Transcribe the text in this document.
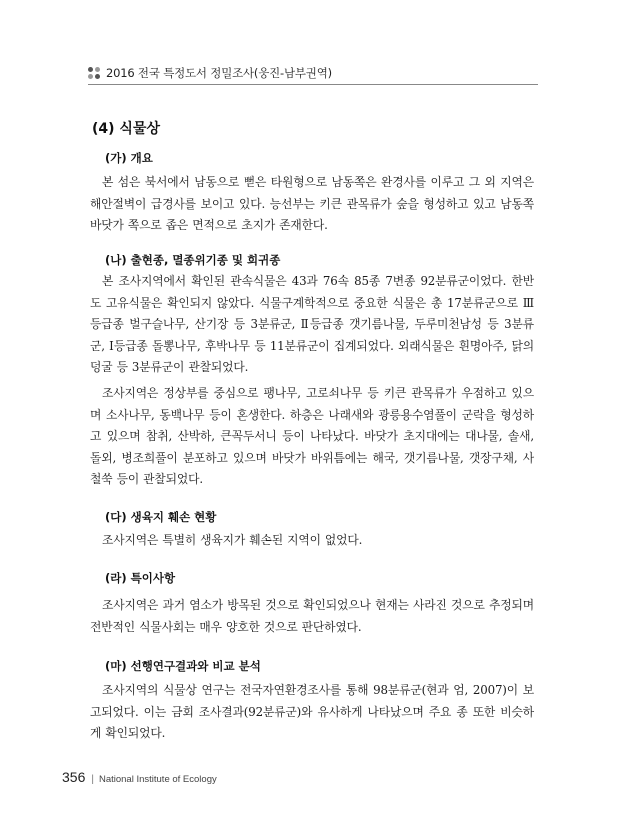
2016 전국 특정도서 정밀조사(웅진-남부권역)
(4) 식물상
(가) 개요

본 섬은 북서에서 남동으로 뻗은 타원형으로 남동쪽은 완경사를 이루고 그 외 지역은 해안절벽이 급경사를 보이고 있다. 능선부는 키큰 관목류가 숲을 형성하고 있고 남동쪽 바닷가 쪽으로 좁은 면적으로 초지가 존재한다.

(나) 출현종, 멸종위기종 및 희귀종

본 조사지역에서 확인된 관속식물은 43과 76속 85종 7변종 92분류군이었다. 한반도 고유식물은 확인되지 않았다. 식물구계학적으로 중요한 식물은 총 17분류군으로 Ⅲ등급종 벌구슬나무, 산기장 등 3분류군, Ⅱ등급종 갯기름나물, 두루미천남성 등 3분류군, Ⅰ등급종 돌뽕나무, 후박나무 등 11분류군이 집계되었다. 외래식물은 흰명아주, 닭의덩굴 등 3분류군이 관찰되었다.

조사지역은 정상부를 중심으로 팽나무, 고로쇠나무 등 키큰 관목류가 우점하고 있으며 소사나무, 동백나무 등이 혼생한다. 하층은 나래새와 광릉용수염풀이 군락을 형성하고 있으며 참취, 산박하, 큰꼭두서니 등이 나타났다. 바닷가 초지대에는 대나물, 솔새, 돌외, 병조희풀이 분포하고 있으며 바닷가 바위틈에는 해국, 갯기름나물, 갯장구채, 사철쑥 등이 관찰되었다.

(다) 생육지 훼손 현황

조사지역은 특별히 생육지가 훼손된 지역이 없었다.

(라) 특이사항

조사지역은 과거 염소가 방목된 것으로 확인되었으나 현재는 사라진 것으로 추정되며 전반적인 식물사회는 매우 양호한 것으로 판단하였다.

(마) 선행연구결과와 비교 분석

조사지역의 식물상 연구는 전국자연환경조사를 통해 98분류군(현과 엄, 2007)이 보고되었다. 이는 금회 조사결과(92분류군)와 유사하게 나타났으며 주요 종 또한 비슷하게 확인되었다.

356 | National Institute of Ecology
